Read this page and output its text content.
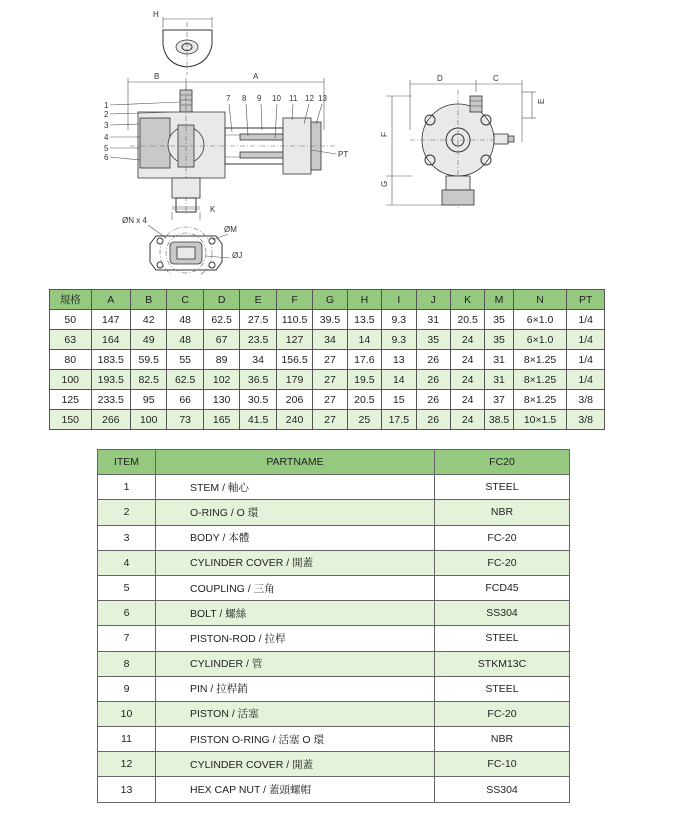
H
B	A
K
PT
1
2
3
4
5
6
7 8 9 10 11 12 13
ØN x 4
ØM
ØJ
D	C
E
F
G
規格	A	B	C	D	E	F	G	H	I	J	K	M	N	PT
50	147	42	48	62.5	27.5	110.5	39.5	13.5	9.3	31	20.5	35	6×1.0	1/4
63	164	49	48	67	23.5	127	34	14	9.3	35	24	35	6×1.0	1/4
80	183.5	59.5	55	89	34	156.5	27	17.6	13	26	24	31	8×1.25	1/4
100	193.5	82.5	62.5	102	36.5	179	27	19.5	14	26	24	31	8×1.25	1/4
125	233.5	95	66	130	30.5	206	27	20.5	15	26	24	37	8×1.25	3/8
150	266	100	73	165	41.5	240	27	25	17.5	26	24	38.5	10×1.5	3/8
ITEM	PARTNAME	FC20
1	STEM / 軸心	STEEL
2	O-RING / O 環	NBR
3	BODY / 本體	FC-20
4	CYLINDER COVER / 開蓋	FC-20
5	COUPLING / 三角	FCD45
6	BOLT / 螺絲	SS304
7	PISTON-ROD / 拉桿	STEEL
8	CYLINDER / 管	STKM13C
9	PIN / 拉桿銷	STEEL
10	PISTON / 活塞	FC-20
11	PISTON O-RING / 活塞 O 環	NBR
12	CYLINDER COVER / 開蓋	FC-10
13	HEX CAP NUT / 蓋頭螺帽	SS304
